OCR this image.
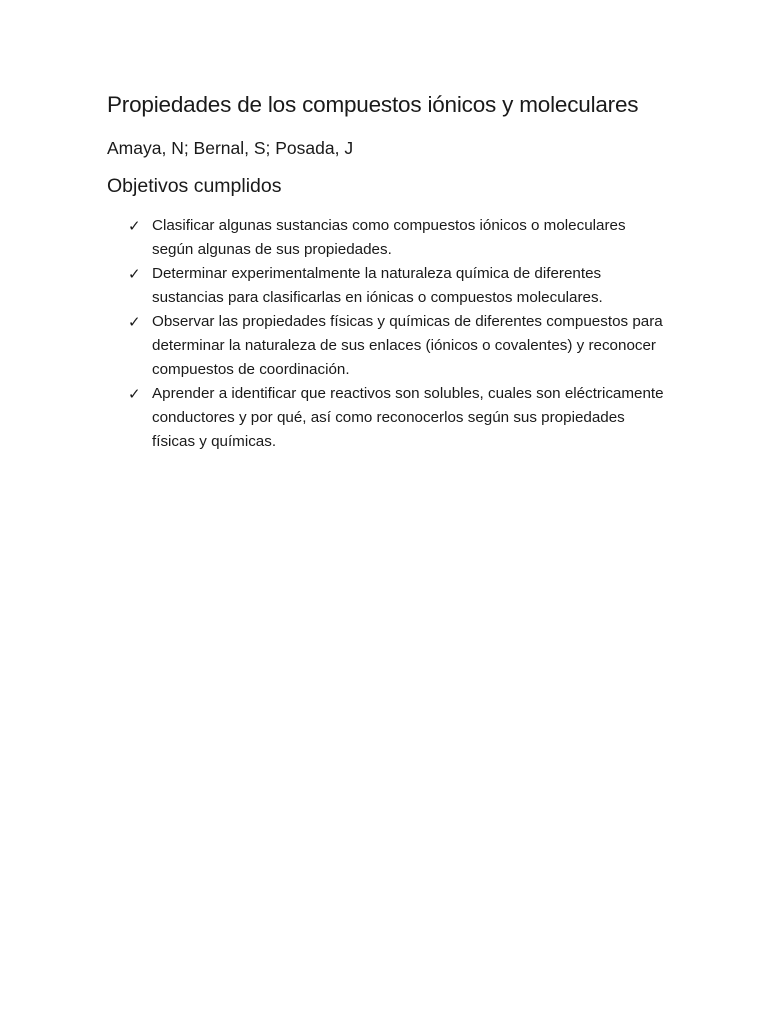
Propiedades de los compuestos iónicos y moleculares

Amaya, N; Bernal, S; Posada, J

Objetivos cumplidos
✓ Clasificar algunas sustancias como compuestos iónicos o moleculares según algunas de sus propiedades.
✓ Determinar experimentalmente la naturaleza química de diferentes sustancias para clasificarlas en iónicas o compuestos moleculares.
✓ Observar las propiedades físicas y químicas de diferentes compuestos para determinar la naturaleza de sus enlaces (iónicos o covalentes) y reconocer compuestos de coordinación.
✓ Aprender a identificar que reactivos son solubles, cuales son eléctricamente conductores y por qué, así como reconocerlos según sus propiedades físicas y químicas.
